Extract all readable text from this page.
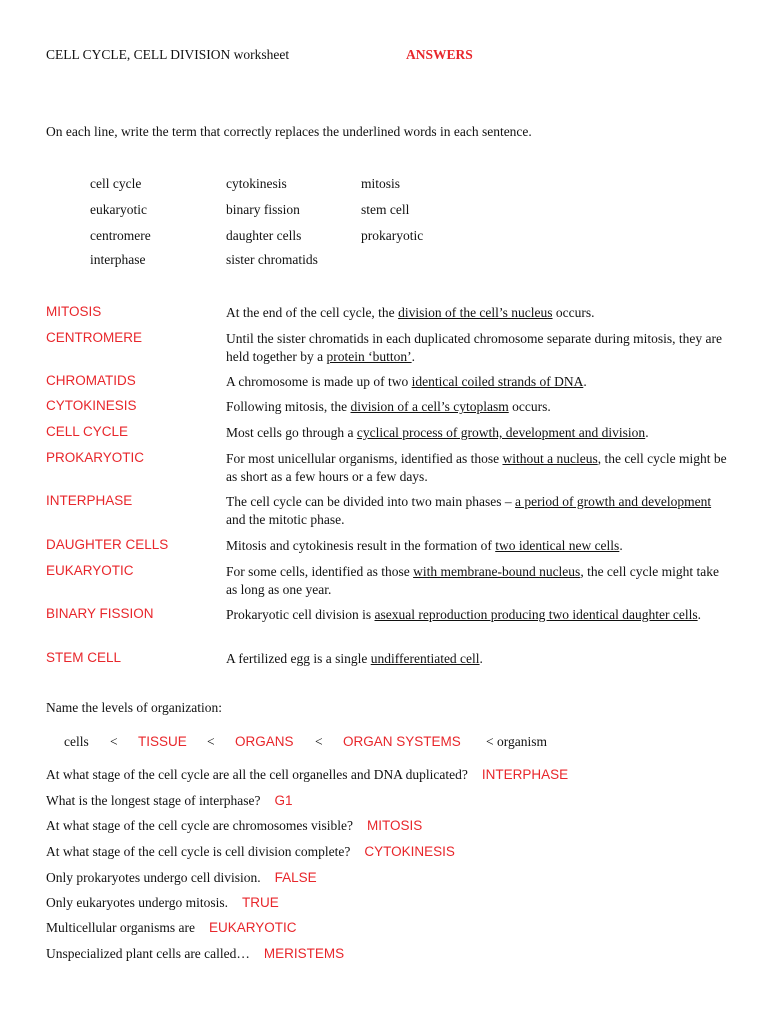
CELL CYCLE, CELL DIVISION worksheet	ANSWERS
On each line, write the term that correctly replaces the underlined words in each sentence.
cell cycle	cytokinesis	mitosis
eukaryotic	binary fission	stem cell
centromere	daughter cells	prokaryotic
interphase	sister chromatids
MITOSIS	At the end of the cell cycle, the division of the cell’s nucleus occurs.
CENTROMERE	Until the sister chromatids in each duplicated chromosome separate during mitosis, they are held together by a protein ‘button’.
CHROMATIDS	A chromosome is made up of two identical coiled strands of DNA.
CYTOKINESIS	Following mitosis, the division of a cell’s cytoplasm occurs.
CELL CYCLE	Most cells go through a cyclical process of growth, development and division.
PROKARYOTIC	For most unicellular organisms, identified as those without a nucleus, the cell cycle might be as short as a few hours or a few days.
INTERPHASE	The cell cycle can be divided into two main phases – a period of growth and development and the mitotic phase.
DAUGHTER CELLS	Mitosis and cytokinesis result in the formation of two identical new cells.
EUKARYOTIC	For some cells, identified as those with membrane-bound nucleus, the cell cycle might take as long as one year.
BINARY FISSION	Prokaryotic cell division is asexual reproduction producing two identical daughter cells.
STEM CELL	A fertilized egg is a single undifferentiated cell.
Name the levels of organization:
cells < TISSUE < ORGANS < ORGAN SYSTEMS < organism
At what stage of the cell cycle are all the cell organelles and DNA duplicated? INTERPHASE
What is the longest stage of interphase? G1
At what stage of the cell cycle are chromosomes visible? MITOSIS
At what stage of the cell cycle is cell division complete? CYTOKINESIS
Only prokaryotes undergo cell division. FALSE
Only eukaryotes undergo mitosis. TRUE
Multicellular organisms are EUKARYOTIC
Unspecialized plant cells are called… MERISTEMS
